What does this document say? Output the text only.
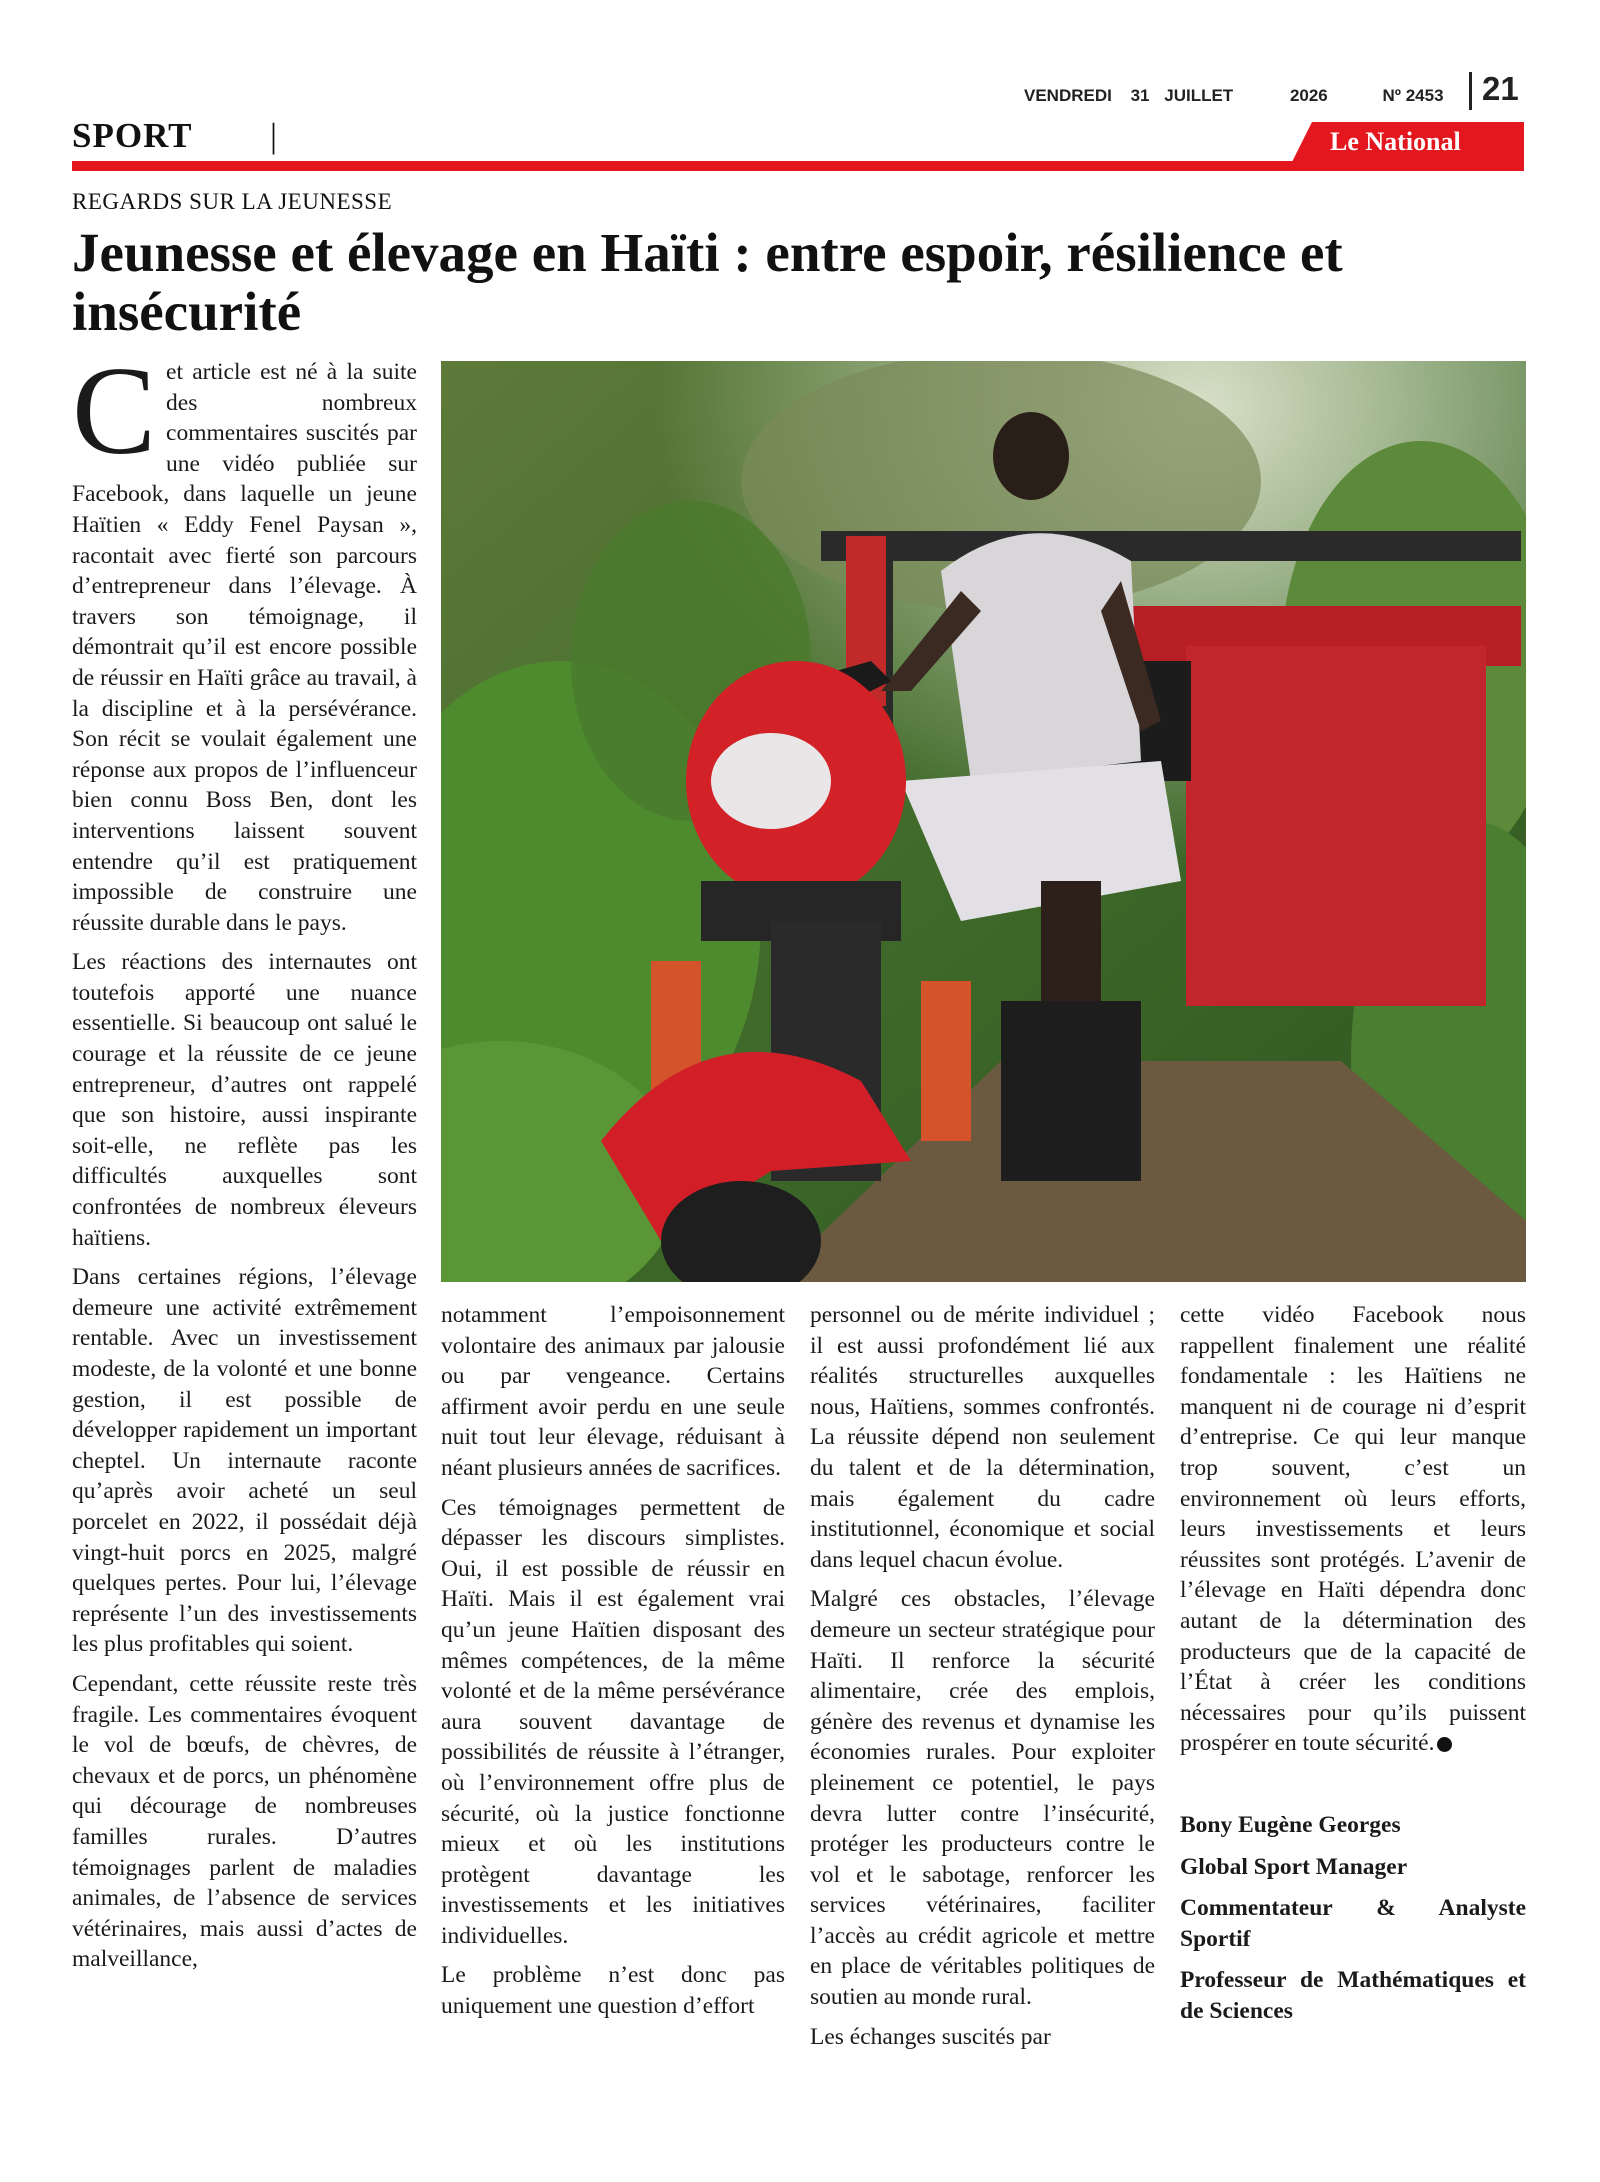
VENDREDI 31 JUILLET	2026	Nº 2453 21
SPORT |	Le National
REGARDS SUR LA JEUNESSE
Jeunesse et élevage en Haïti : entre espoir, résilience et insécurité

Cet article est né à la suite des nombreux commentaires suscités par une vidéo publiée sur Facebook, dans laquelle un jeune Haïtien « Eddy Fenel Paysan », racontait avec fierté son parcours d’entrepreneur dans l’élevage. À travers son témoignage, il démontrait qu’il est encore possible de réussir en Haïti grâce au travail, à la discipline et à la persévérance. Son récit se voulait également une réponse aux propos de l’influenceur bien connu Boss Ben, dont les interventions laissent souvent entendre qu’il est pratiquement impossible de construire une réussite durable dans le pays.

Les réactions des internautes ont toutefois apporté une nuance essentielle. Si beaucoup ont salué le courage et la réussite de ce jeune entrepreneur, d’autres ont rappelé que son histoire, aussi inspirante soit-elle, ne reflète pas les difficultés auxquelles sont confrontées de nombreux éleveurs haïtiens.

Dans certaines régions, l’élevage demeure une activité extrêmement rentable. Avec un investissement modeste, de la volonté et une bonne gestion, il est possible de développer rapidement un important cheptel. Un internaute raconte qu’après avoir acheté un seul porcelet en 2022, il possédait déjà vingt-huit porcs en 2025, malgré quelques pertes. Pour lui, l’élevage représente l’un des investissements les plus profitables qui soient.

Cependant, cette réussite reste très fragile. Les commentaires évoquent le vol de bœufs, de chèvres, de chevaux et de porcs, un phénomène qui décourage de nombreuses familles rurales. D’autres témoignages parlent de maladies animales, de l’absence de services vétérinaires, mais aussi d’actes de malveillance,

notamment l’empoisonnement volontaire des animaux par jalousie ou par vengeance. Certains affirment avoir perdu en une seule nuit tout leur élevage, réduisant à néant plusieurs années de sacrifices.

Ces témoignages permettent de dépasser les discours simplistes. Oui, il est possible de réussir en Haïti. Mais il est également vrai qu’un jeune Haïtien disposant des mêmes compétences, de la même volonté et de la même persévérance aura souvent davantage de possibilités de réussite à l’étranger, où l’environnement offre plus de sécurité, où la justice fonctionne mieux et où les institutions protègent davantage les investissements et les initiatives individuelles.

Le problème n’est donc pas uniquement une question d’effort

personnel ou de mérite individuel ; il est aussi profondément lié aux réalités structurelles auxquelles nous, Haïtiens, sommes confrontés. La réussite dépend non seulement du talent et de la détermination, mais également du cadre institutionnel, économique et social dans lequel chacun évolue.

Malgré ces obstacles, l’élevage demeure un secteur stratégique pour Haïti. Il renforce la sécurité alimentaire, crée des emplois, génère des revenus et dynamise les économies rurales. Pour exploiter pleinement ce potentiel, le pays devra lutter contre l’insécurité, protéger les producteurs contre le vol et le sabotage, renforcer les services vétérinaires, faciliter l’accès au crédit agricole et mettre en place de véritables politiques de soutien au monde rural.

Les échanges suscités par

cette vidéo Facebook nous rappellent finalement une réalité fondamentale : les Haïtiens ne manquent ni de courage ni d’esprit d’entreprise. Ce qui leur manque trop souvent, c’est un environnement où leurs efforts, leurs investissements et leurs réussites sont protégés. L’avenir de l’élevage en Haïti dépendra donc autant de la détermination des producteurs que de la capacité de l’État à créer les conditions nécessaires pour qu’ils puissent prospérer en toute sécurité.

Bony Eugène Georges

Global Sport Manager

Commentateur & Analyste Sportif

Professeur de Mathématiques et de Sciences
